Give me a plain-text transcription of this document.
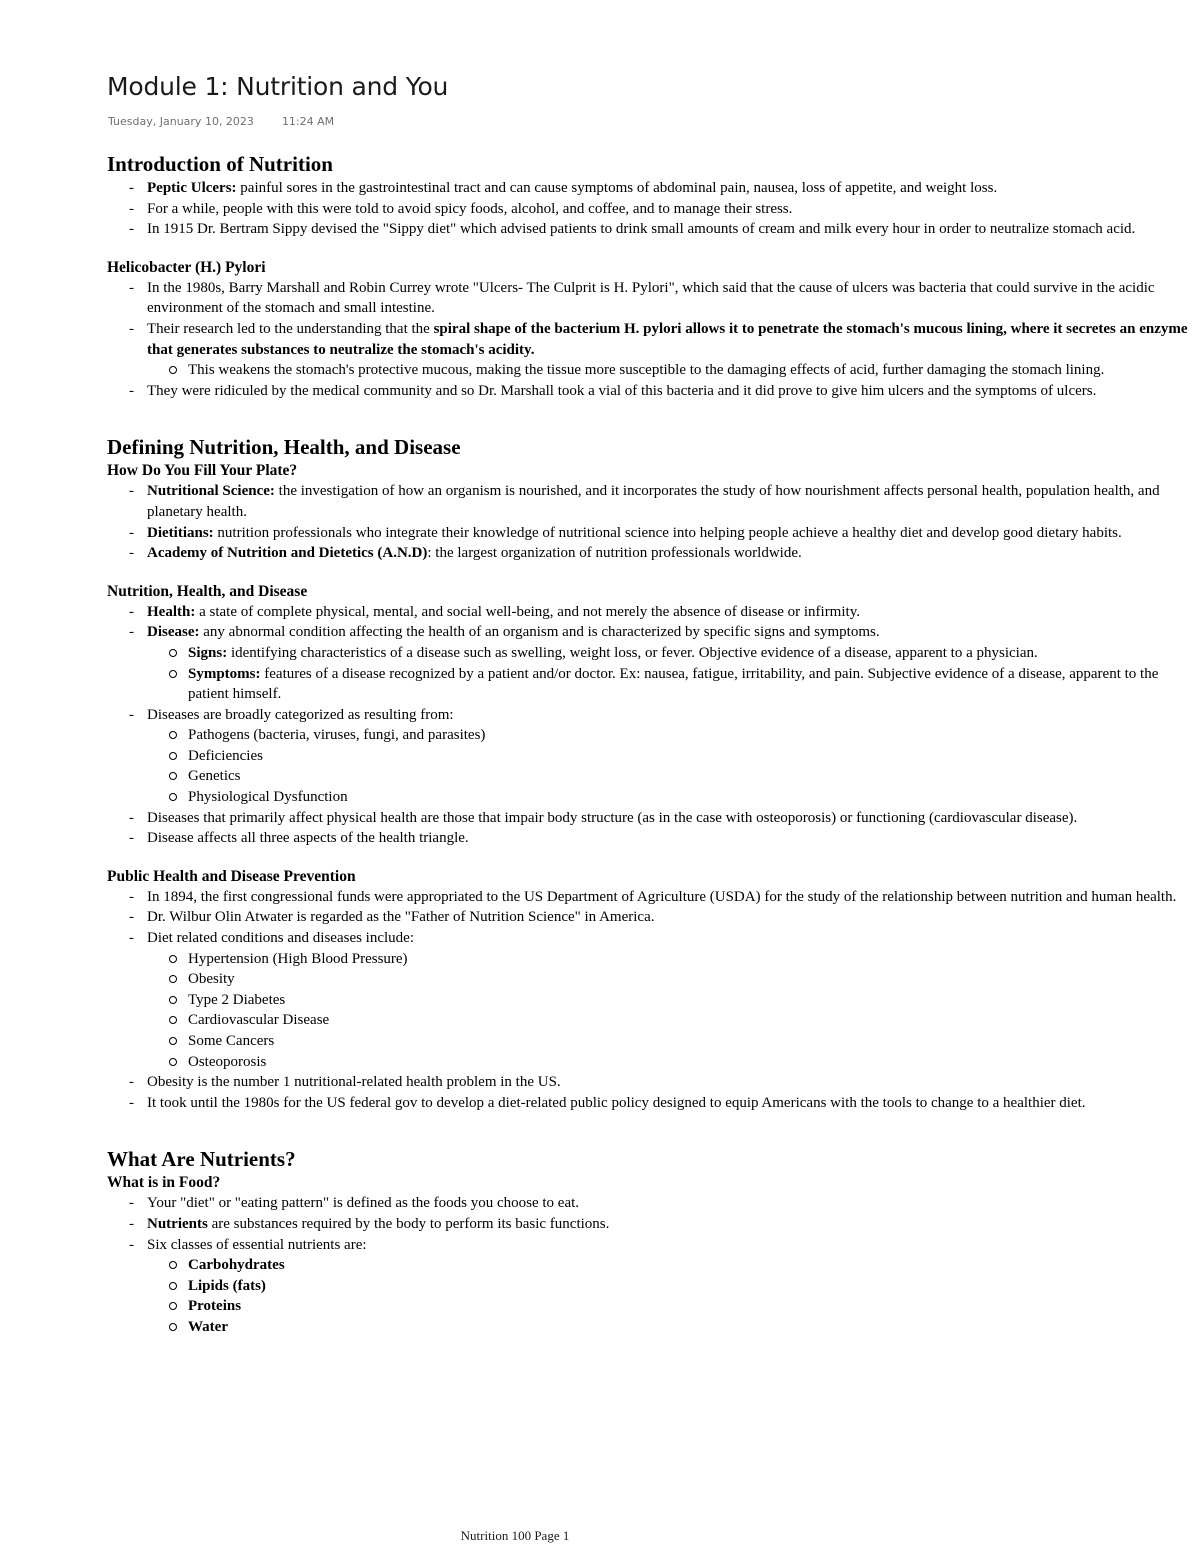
Module 1: Nutrition and You
Tuesday, January 10, 2023	11:24 AM
Introduction of Nutrition
- Peptic Ulcers: painful sores in the gastrointestinal tract and can cause symptoms of abdominal pain, nausea, loss of appetite, and weight loss.
- For a while, people with this were told to avoid spicy foods, alcohol, and coffee, and to manage their stress.
- In 1915 Dr. Bertram Sippy devised the "Sippy diet" which advised patients to drink small amounts of cream and milk every hour in order to neutralize stomach acid.
Helicobacter (H.) Pylori
- In the 1980s, Barry Marshall and Robin Currey wrote "Ulcers- The Culprit is H. Pylori", which said that the cause of ulcers was bacteria that could survive in the acidic environment of the stomach and small intestine.
- Their research led to the understanding that the spiral shape of the bacterium H. pylori allows it to penetrate the stomach's mucous lining, where it secretes an enzyme that generates substances to neutralize the stomach's acidity.
This weakens the stomach's protective mucous, making the tissue more susceptible to the damaging effects of acid, further damaging the stomach lining.
- They were ridiculed by the medical community and so Dr. Marshall took a vial of this bacteria and it did prove to give him ulcers and the symptoms of ulcers.
Defining Nutrition, Health, and Disease
How Do You Fill Your Plate?
- Nutritional Science: the investigation of how an organism is nourished, and it incorporates the study of how nourishment affects personal health, population health, and planetary health.
- Dietitians: nutrition professionals who integrate their knowledge of nutritional science into helping people achieve a healthy diet and develop good dietary habits.
- Academy of Nutrition and Dietetics (A.N.D): the largest organization of nutrition professionals worldwide.
Nutrition, Health, and Disease
- Health: a state of complete physical, mental, and social well-being, and not merely the absence of disease or infirmity.
- Disease: any abnormal condition affecting the health of an organism and is characterized by specific signs and symptoms.
Signs: identifying characteristics of a disease such as swelling, weight loss, or fever. Objective evidence of a disease, apparent to a physician.
Symptoms: features of a disease recognized by a patient and/or doctor. Ex: nausea, fatigue, irritability, and pain. Subjective evidence of a disease, apparent to the patient himself.
- Diseases are broadly categorized as resulting from:
Pathogens (bacteria, viruses, fungi, and parasites)
Deficiencies
Genetics
Physiological Dysfunction
- Diseases that primarily affect physical health are those that impair body structure (as in the case with osteoporosis) or functioning (cardiovascular disease).
- Disease affects all three aspects of the health triangle.
Public Health and Disease Prevention
- In 1894, the first congressional funds were appropriated to the US Department of Agriculture (USDA) for the study of the relationship between nutrition and human health.
- Dr. Wilbur Olin Atwater is regarded as the "Father of Nutrition Science" in America.
- Diet related conditions and diseases include:
Hypertension (High Blood Pressure)
Obesity
Type 2 Diabetes
Cardiovascular Disease
Some Cancers
Osteoporosis
- Obesity is the number 1 nutritional-related health problem in the US.
- It took until the 1980s for the US federal gov to develop a diet-related public policy designed to equip Americans with the tools to change to a healthier diet.
What Are Nutrients?
What is in Food?
- Your "diet" or "eating pattern" is defined as the foods you choose to eat.
- Nutrients are substances required by the body to perform its basic functions.
- Six classes of essential nutrients are:
Carbohydrates
Lipids (fats)
Proteins
Water
Nutrition 100 Page 1
